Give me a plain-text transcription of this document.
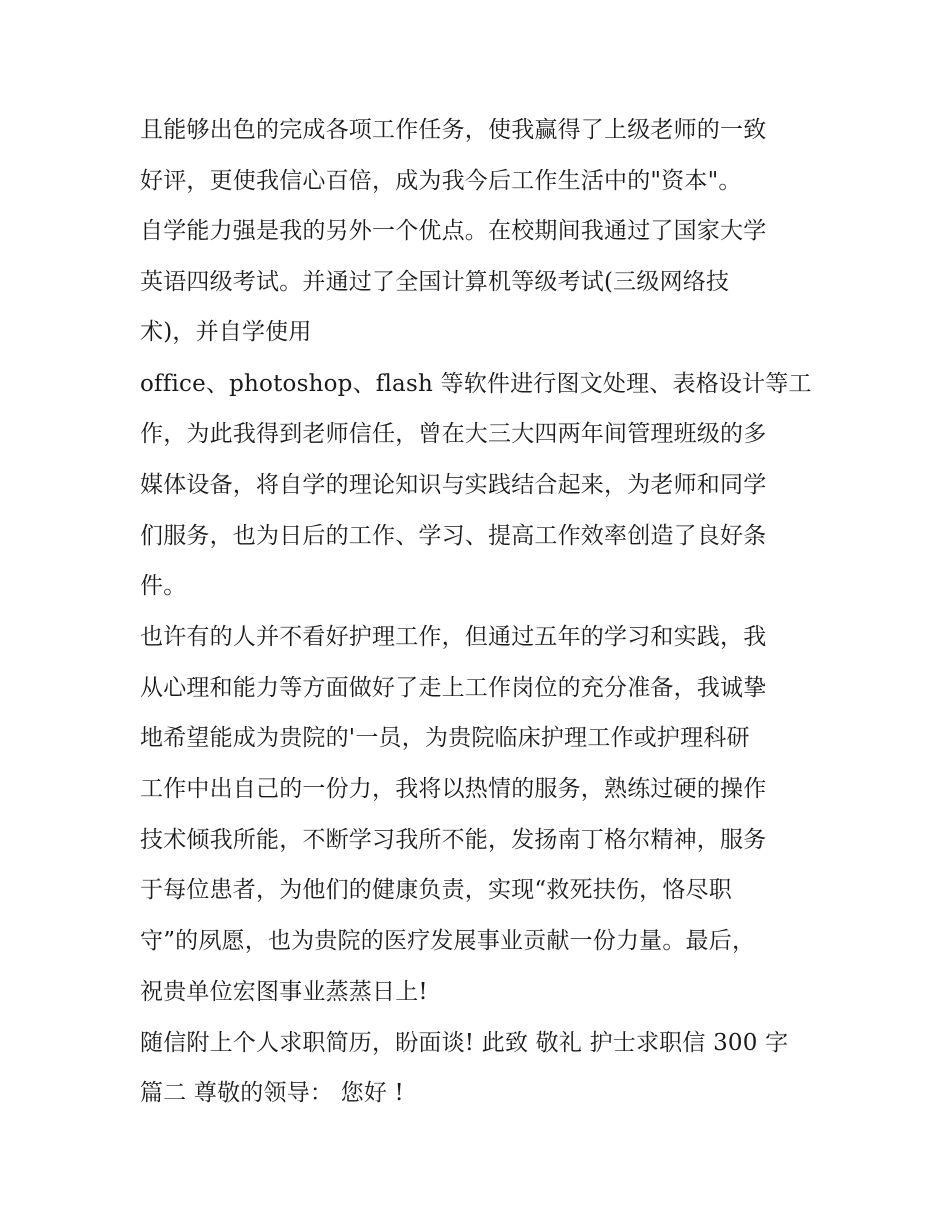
且能够出色的完成各项工作任务，使我赢得了上级老师的一致
好评，更使我信心百倍，成为我今后工作生活中的"资本"。
自学能力强是我的另外一个优点。在校期间我通过了国家大学
英语四级考试。并通过了全国计算机等级考试(三级网络技
术)，并自学使用
office、photoshop、flash 等软件进行图文处理、表格设计等工
作，为此我得到老师信任，曾在大三大四两年间管理班级的多
媒体设备，将自学的理论知识与实践结合起来，为老师和同学
们服务，也为日后的工作、学习、提高工作效率创造了良好条
件。
也许有的人并不看好护理工作，但通过五年的学习和实践，我
从心理和能力等方面做好了走上工作岗位的充分准备，我诚挚
地希望能成为贵院的'一员，为贵院临床护理工作或护理科研
工作中出自己的一份力，我将以热情的服务，熟练过硬的操作
技术倾我所能，不断学习我所不能，发扬南丁格尔精神，服务
于每位患者，为他们的健康负责，实现“救死扶伤，恪尽职
守”的夙愿，也为贵院的医疗发展事业贡献一份力量。最后，
祝贵单位宏图事业蒸蒸日上!
随信附上个人求职简历，盼面谈! 此致 敬礼 护士求职信 300 字
篇二 尊敬的领导： 您好 !
